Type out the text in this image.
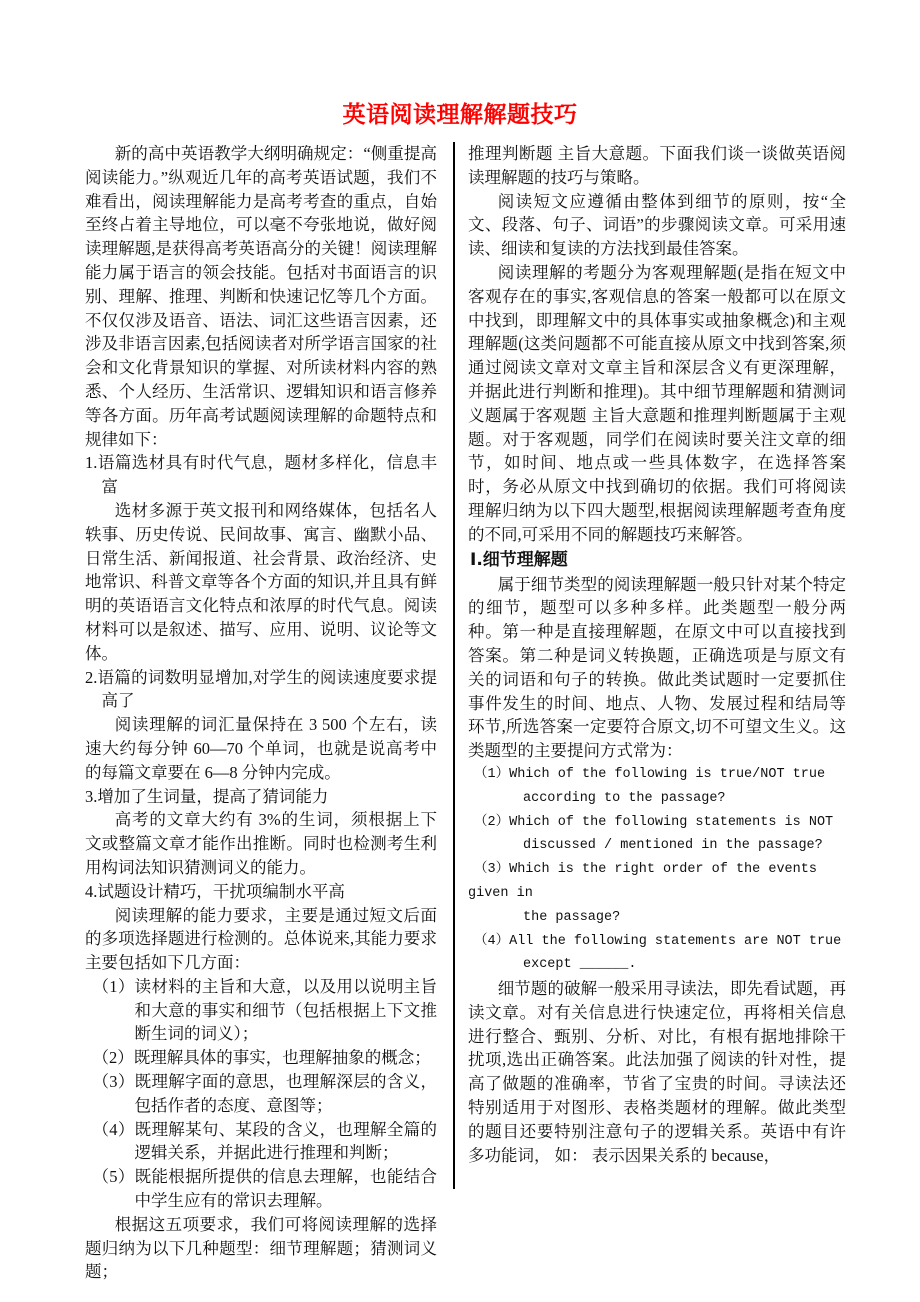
英语阅读理解解题技巧

新的高中英语教学大纲明确规定：“侧重提高阅读能力。”纵观近几年的高考英语试题，我们不难看出，阅读理解能力是高考考查的重点，自始至终占着主导地位，可以毫不夸张地说，做好阅读理解题,是获得高考英语高分的关键！阅读理解能力属于语言的领会技能。包括对书面语言的识别、理解、推理、判断和快速记忆等几个方面。不仅仅涉及语音、语法、词汇这些语言因素，还涉及非语言因素,包括阅读者对所学语言国家的社会和文化背景知识的掌握、对所读材料内容的熟悉、个人经历、生活常识、逻辑知识和语言修养等各方面。历年高考试题阅读理解的命题特点和规律如下：

1.语篇选材具有时代气息，题材多样化，信息丰富

选材多源于英文报刊和网络媒体，包括名人轶事、历史传说、民间故事、寓言、幽默小品、日常生活、新闻报道、社会背景、政治经济、史地常识、科普文章等各个方面的知识,并且具有鲜明的英语语言文化特点和浓厚的时代气息。阅读材料可以是叙述、描写、应用、说明、议论等文体。

2.语篇的词数明显增加,对学生的阅读速度要求提高了

阅读理解的词汇量保持在 3 500 个左右，读速大约每分钟 60—70 个单词，也就是说高考中的每篇文章要在 6—8 分钟内完成。

3.增加了生词量，提高了猜词能力

高考的文章大约有 3%的生词，须根据上下文或整篇文章才能作出推断。同时也检测考生利用构词法知识猜测词义的能力。

4.试题设计精巧，干扰项编制水平高

阅读理解的能力要求，主要是通过短文后面的多项选择题进行检测的。总体说来,其能力要求主要包括如下几方面：

（1）读材料的主旨和大意，以及用以说明主旨和大意的事实和细节（包括根据上下文推断生词的词义）；

（2）既理解具体的事实，也理解抽象的概念；

（3）既理解字面的意思，也理解深层的含义，包括作者的态度、意图等；

（4）既理解某句、某段的含义，也理解全篇的逻辑关系，并据此进行推理和判断；

（5）既能根据所提供的信息去理解，也能结合中学生应有的常识去理解。

根据这五项要求，我们可将阅读理解的选择题归纳为以下几种题型：细节理解题；猜测词义题；

推理判断题 主旨大意题。下面我们谈一谈做英语阅读理解题的技巧与策略。

阅读短文应遵循由整体到细节的原则，按“全文、段落、句子、词语”的步骤阅读文章。可采用速读、细读和复读的方法找到最佳答案。

阅读理解的考题分为客观理解题(是指在短文中客观存在的事实,客观信息的答案一般都可以在原文中找到，即理解文中的具体事实或抽象概念)和主观理解题(这类问题都不可能直接从原文中找到答案,须通过阅读文章对文章主旨和深层含义有更深理解，并据此进行判断和推理)。其中细节理解题和猜测词义题属于客观题 主旨大意题和推理判断题属于主观题。对于客观题，同学们在阅读时要关注文章的细节，如时间、地点或一些具体数字，在选择答案时，务必从原文中找到确切的依据。我们可将阅读理解归纳为以下四大题型,根据阅读理解题考查角度的不同,可采用不同的解题技巧来解答。

Ⅰ.细节理解题

属于细节类型的阅读理解题一般只针对某个特定的细节，题型可以多种多样。此类题型一般分两种。第一种是直接理解题，在原文中可以直接找到答案。第二种是词义转换题，正确选项是与原文有关的词语和句子的转换。做此类试题时一定要抓住事件发生的时间、地点、人物、发展过程和结局等环节,所选答案一定要符合原文,切不可望文生义。这类题型的主要提问方式常为：

（1）Which of the following is true/NOT true
according to the passage?
（2）Which of the following statements is NOT
discussed / mentioned in the passage?
（3）Which is the right order of the events
given in
the passage?
（4）All the following statements are NOT true
except ______.

细节题的破解一般采用寻读法，即先看试题，再读文章。对有关信息进行快速定位，再将相关信息进行整合、甄别、分析、对比，有根有据地排除干扰项,选出正确答案。此法加强了阅读的针对性，提高了做题的准确率，节省了宝贵的时间。寻读法还特别适用于对图形、表格类题材的理解。做此类型的题目还要特别注意句子的逻辑关系。英语中有许多功能词， 如： 表示因果关系的 because，
